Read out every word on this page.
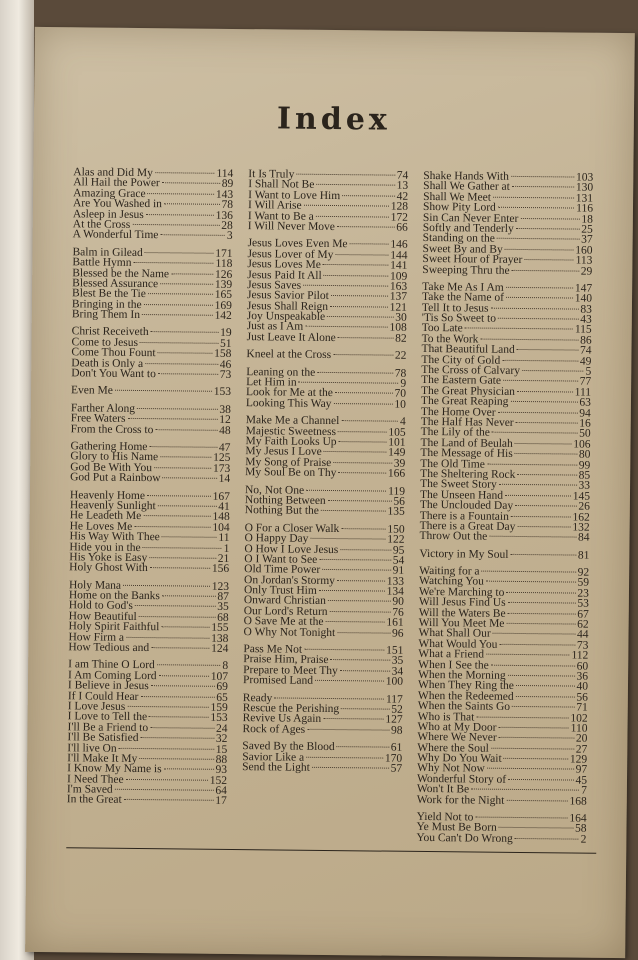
Index
Alas and Did My	114
All Hail the Power	89
Amazing Grace	143
Are You Washed in	78
Asleep in Jesus	136
At the Cross	28
A Wonderful Time	3
Balm in Gilead	171
Battle Hymn	118
Blessed be the Name	126
Blessed Assurance	139
Blest Be the Tie	165
Bringing in the	169
Bring Them In	142
Christ Receiveth	19
Come to Jesus	51
Come Thou Fount	158
Death is Only a	46
Don't You Want to	73
Even Me	153
Farther Along	38
Free Waters	12
From the Cross to	48
Gathering Home	47
Glory to His Name	125
God Be With You	173
God Put a Rainbow	14
Heavenly Home	167
Heavenly Sunlight	41
He Leadeth Me	148
He Loves Me	104
His Way With Thee	11
Hide you in the	1
His Yoke is Easy	21
Holy Ghost With	156
Holy Mana	123
Home on the Banks	87
Hold to God's	35
How Beautiful	68
Holy Spirit Faithful	155
How Firm a	138
How Tedious and	124
I am Thine O Lord	8
I Am Coming Lord	107
I Believe in Jesus	69
If I Could Hear	65
I Love Jesus	159
I Love to Tell the	153
I'll Be a Friend to	24
I'll Be Satisfied	32
I'll live On	15
I'll Make It My	88
I Know My Name is	93
I Need Thee	152
I'm Saved	64
In the Great	17
It Is Truly	74
I Shall Not Be	13
I Want to Love Him	42
I Will Arise	128
I Want to Be a	172
I Will Never Move	66
Jesus Loves Even Me	146
Jesus Lover of My	144
Jesus Loves Me	141
Jesus Paid It All	109
Jesus Saves	163
Jesus Savior Pilot	137
Jesus Shall Reign	121
Joy Unspeakable	30
Just as I Am	108
Just Leave It Alone	82
Kneel at the Cross	22
Leaning on the	78
Let Him in	9
Look for Me at the	70
Looking This Way	10
Make Me a Channel	4
Majestic Sweetness	105
My Faith Looks Up	101
My Jesus I Love	149
My Song of Praise	39
My Soul Be on Thy	166
No, Not One	119
Nothing Between	56
Nothing But the	135
O For a Closer Walk	150
O Happy Day	122
O How I Love Jesus	95
O I Want to See	54
Old Time Power	91
On Jordan's Stormy	133
Only Trust Him	134
Onward Christian	90
Our Lord's Return	76
O Save Me at the	161
O Why Not Tonight	96
Pass Me Not	151
Praise Him, Praise	35
Prepare to Meet Thy	34
Promised Land	100
Ready	117
Rescue the Perishing	52
Revive Us Again	127
Rock of Ages	98
Saved By the Blood	61
Savior Like a	170
Send the Light	57
Shake Hands With	103
Shall We Gather at	130
Shall We Meet	131
Show Pity Lord	116
Sin Can Never Enter	18
Softly and Tenderly	25
Standing on the	37
Sweet By and By	160
Sweet Hour of Prayer	113
Sweeping Thru the	29
Take Me As I Am	147
Take the Name of	140
Tell It to Jesus	83
'Tis So Sweet to	43
Too Late	115
To the Work	86
That Beautiful Land	74
The City of Gold	49
The Cross of Calvary	5
The Eastern Gate	77
The Great Physician	111
The Great Reaping	63
The Home Over	94
The Half Has Never	16
The Lily of the	50
The Land of Beulah	106
The Message of His	80
The Old Time	99
The Sheltering Rock	85
The Sweet Story	33
The Unseen Hand	145
The Unclouded Day	26
There is a Fountain	162
There is a Great Day	132
Throw Out the	84
Victory in My Soul	81
Waiting for a	92
Watching You	59
We're Marching to	23
Will Jesus Find Us	53
Will the Waters Be	67
Will You Meet Me	62
What Shall Our	44
What Would You	73
What a Friend	112
When I See the	60
When the Morning	36
When They Ring the	40
When the Redeemed	56
When the Saints Go	71
Who is That	102
Who at My Door	110
Where We Never	20
Where the Soul	27
Why Do You Wait	129
Why Not Now	97
Wonderful Story of	45
Won't It Be	7
Work for the Night	168
Yield Not to	164
Ye Must Be Born	58
You Can't Do Wrong	2
